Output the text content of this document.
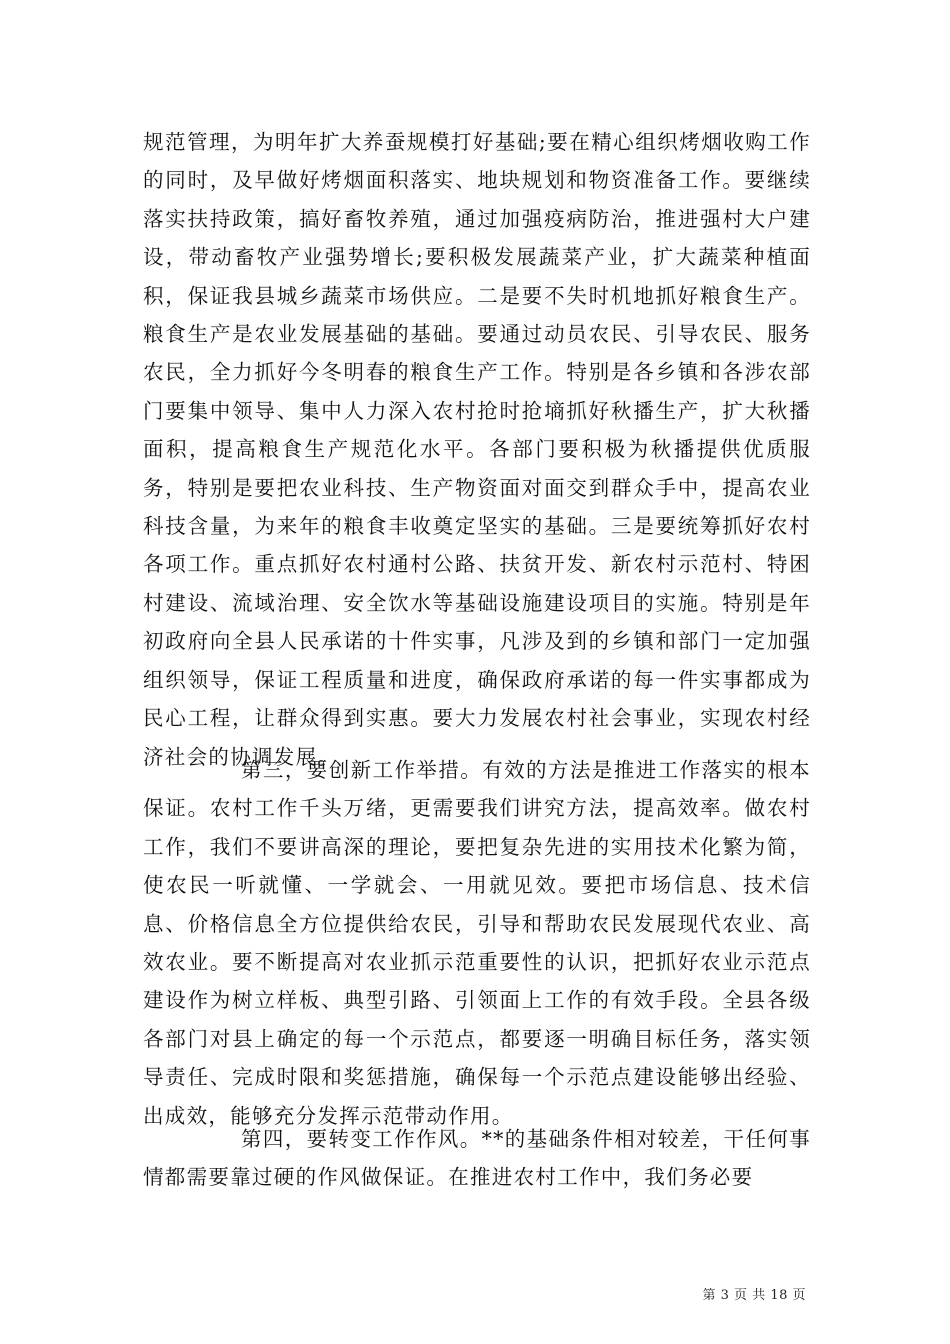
规范管理，为明年扩大养蚕规模打好基础;要在精心组织烤烟收购工作的同时，及早做好烤烟面积落实、地块规划和物资准备工作。要继续落实扶持政策，搞好畜牧养殖，通过加强疫病防治，推进强村大户建设，带动畜牧产业强势增长;要积极发展蔬菜产业，扩大蔬菜种植面积，保证我县城乡蔬菜市场供应。二是要不失时机地抓好粮食生产。粮食生产是农业发展基础的基础。要通过动员农民、引导农民、服务农民，全力抓好今冬明春的粮食生产工作。特别是各乡镇和各涉农部门要集中领导、集中人力深入农村抢时抢墒抓好秋播生产，扩大秋播面积，提高粮食生产规范化水平。各部门要积极为秋播提供优质服务，特别是要把农业科技、生产物资面对面交到群众手中，提高农业科技含量，为来年的粮食丰收奠定坚实的基础。三是要统筹抓好农村各项工作。重点抓好农村通村公路、扶贫开发、新农村示范村、特困村建设、流域治理、安全饮水等基础设施建设项目的实施。特别是年初政府向全县人民承诺的十件实事，凡涉及到的乡镇和部门一定加强组织领导，保证工程质量和进度，确保政府承诺的每一件实事都成为民心工程，让群众得到实惠。要大力发展农村社会事业，实现农村经济社会的协调发展。

第三，要创新工作举措。有效的方法是推进工作落实的根本保证。农村工作千头万绪，更需要我们讲究方法，提高效率。做农村工作，我们不要讲高深的理论，要把复杂先进的实用技术化繁为简，使农民一听就懂、一学就会、一用就见效。要把市场信息、技术信息、价格信息全方位提供给农民，引导和帮助农民发展现代农业、高效农业。要不断提高对农业抓示范重要性的认识，把抓好农业示范点建设作为树立样板、典型引路、引领面上工作的有效手段。全县各级各部门对县上确定的每一个示范点，都要逐一明确目标任务，落实领导责任、完成时限和奖惩措施，确保每一个示范点建设能够出经验、出成效，能够充分发挥示范带动作用。

第四，要转变工作作风。**的基础条件相对较差，干任何事情都需要靠过硬的作风做保证。在推进农村工作中，我们务必要

第 3 页 共 18 页
